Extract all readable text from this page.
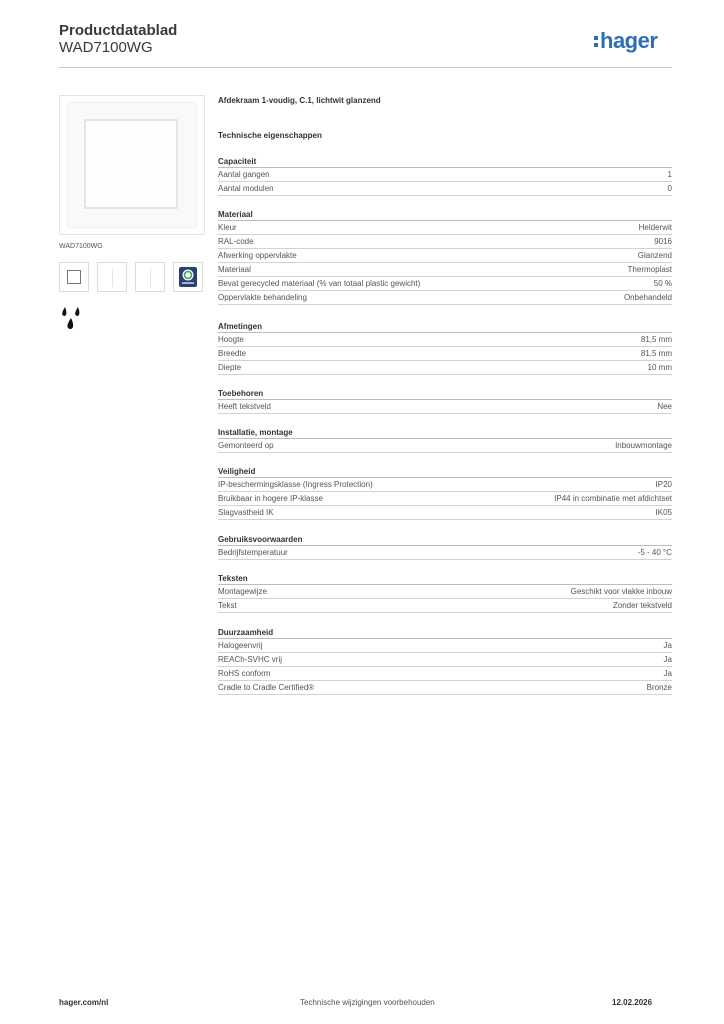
Productdatablad
WAD7100WG	hager
WAD7100WG
Afdekraam 1-voudig, C.1, lichtwit glanzend
Technische eigenschappen
Capaciteit
Aantal gangen	1
Aantal modulen	0
Materiaal
Kleur	Helderwit
RAL-code	9016
Afwerking oppervlakte	Glanzend
Materiaal	Thermoplast
Bevat gerecycled materiaal (% van totaal plastic gewicht)	50 %
Oppervlakte behandeling	Onbehandeld
Afmetingen
Hoogte	81,5 mm
Breedte	81,5 mm
Diepte	10 mm
Toebehoren
Heeft tekstveld	Nee
Installatie, montage
Gemonteerd op	Inbouwmontage
Veiligheid
IP-beschermingsklasse (Ingress Protection)	IP20
Bruikbaar in hogere IP-klasse	IP44 in combinatie met afdichtset
Slagvastheid IK	IK05
Gebruiksvoorwaarden
Bedrijfstemperatuur	-5 - 40 °C
Teksten
Montagewijze	Geschikt voor vlakke inbouw
Tekst	Zonder tekstveld
Duurzaamheid
Halogeenvrij	Ja
REACh-SVHC vrij	Ja
RoHS conform	Ja
Cradle to Cradle Certified®	Bronze
hager.com/nl	Technische wijzigingen voorbehouden	12.02.2026
